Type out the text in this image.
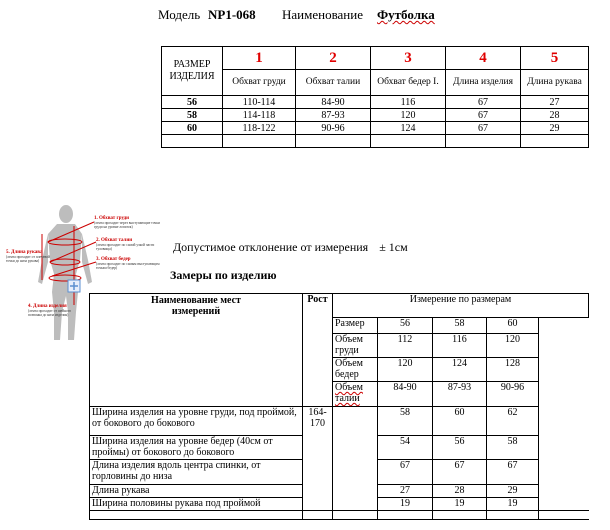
Модель NP1-068 Наименование Футболка
РАЗМЕР ИЗДЕЛИЯ	1	2	3	4	5
	Обхват груди	Обхват талии	Обхват бедер I.	Длина изделия	Длина рукава
56	110-114	84-90	116	67	27
58	114-118	87-93	120	67	28
60	118-122	90-96	124	67	29

1. Обхват груди
(лента проходит через выступающие точки груди на уровне лопаток)
2. Обхват талии
(лента проходит по самой узкой части туловища)
3. Обхват бедер
(лента проходит по самым выступающим точкам бедер)
5. Длина рукава
(лента проходит от плечевой точки до низа рукава)
4. Длина изделия
(лента проходит от шейного позвонка до низа изделия)
Допустимое отклонение от измерения ± 1см
Замеры по изделию
Наименование мест измерений	Рост	Измерение по размерам				
		Размер	56	58	60	
		Объем груди	112	116	120	
		Объем бедер	120	124	128	
		Объем талии	84-90	87-93	90-96	
Ширина изделия на уровне груди, под проймой, от бокового до бокового	164-170		58	60	62	
Ширина изделия на уровне бедер (40см от проймы) от бокового до бокового			54	56	58	
Длина изделия вдоль центра спинки, от горловины до низа			67	67	67	
Длина рукава			27	28	29	
Ширина половины рукава под проймой			19	19	19	
